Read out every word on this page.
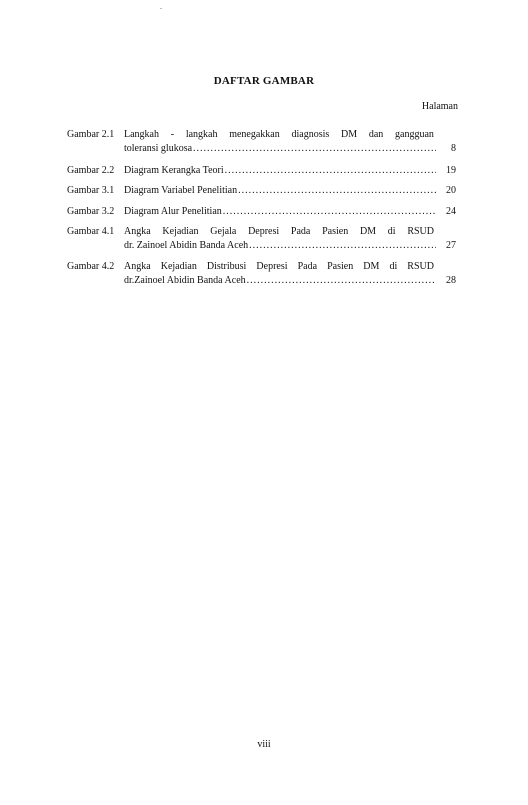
DAFTAR GAMBAR
Halaman
Gambar 2.1 Langkah - langkah menegakkan diagnosis DM dan gangguan
toleransi glukosa .....	8
Gambar 2.2 Diagram Kerangka Teori .....	19
Gambar 3.1 Diagram Variabel Penelitian .....	20
Gambar 3.2 Diagram Alur Penelitian .....	24
Gambar 4.1 Angka Kejadian Gejala Depresi Pada Pasien DM di RSUD
dr. Zainoel Abidin Banda Aceh .....	27
Gambar 4.2 Angka Kejadian Distribusi Depresi Pada Pasien DM di RSUD
dr.Zainoel Abidin Banda Aceh .....	28
viii
